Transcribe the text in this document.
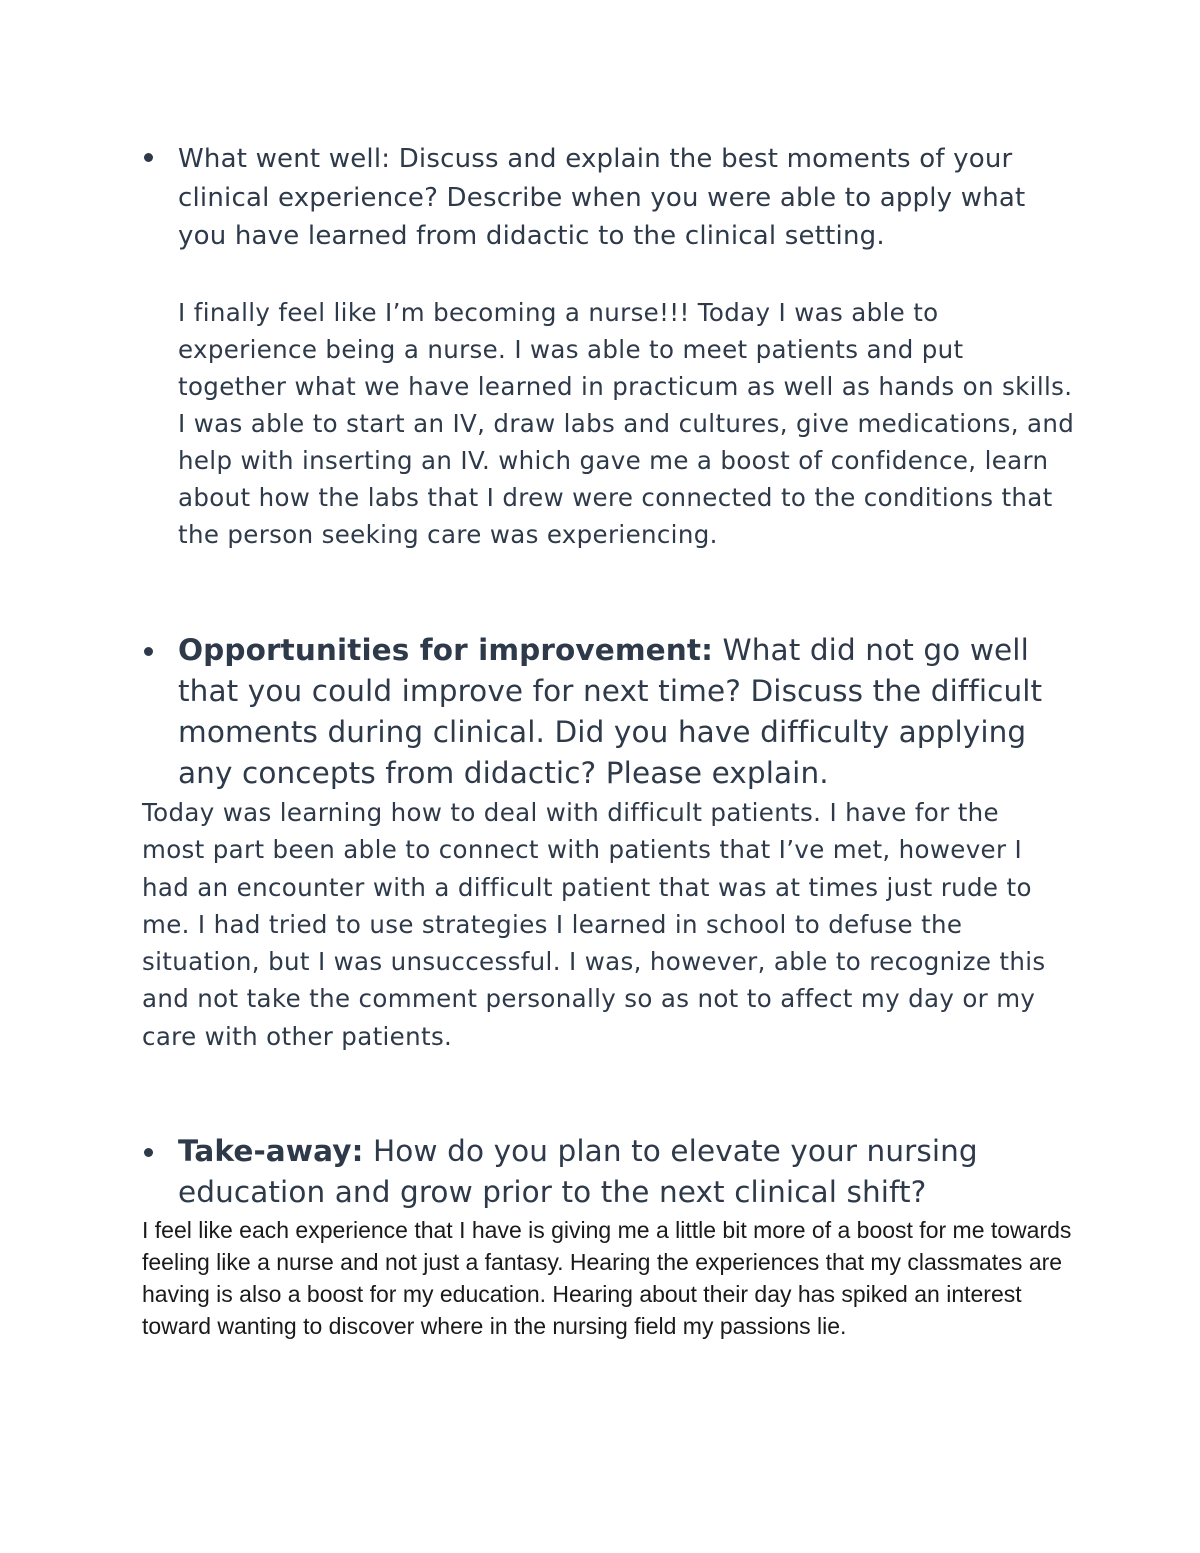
What went well: Discuss and explain the best moments of your clinical experience? Describe when you were able to apply what you have learned from didactic to the clinical setting.

I finally feel like I’m becoming a nurse!!! Today I was able to experience being a nurse. I was able to meet patients and put together what we have learned in practicum as well as hands on skills. I was able to start an IV, draw labs and cultures, give medications, and help with inserting an IV. which gave me a boost of confidence, learn about how the labs that I drew were connected to the conditions that the person seeking care was experiencing.

Opportunities for improvement: What did not go well that you could improve for next time? Discuss the difficult moments during clinical. Did you have difficulty applying any concepts from didactic? Please explain.

Today was learning how to deal with difficult patients. I have for the most part been able to connect with patients that I’ve met, however I had an encounter with a difficult patient that was at times just rude to me. I had tried to use strategies I learned in school to defuse the situation, but I was unsuccessful. I was, however, able to recognize this and not take the comment personally so as not to affect my day or my care with other patients.

Take-away: How do you plan to elevate your nursing education and grow prior to the next clinical shift?

I feel like each experience that I have is giving me a little bit more of a boost for me towards feeling like a nurse and not just a fantasy. Hearing the experiences that my classmates are having is also a boost for my education. Hearing about their day has spiked an interest toward wanting to discover where in the nursing field my passions lie.
